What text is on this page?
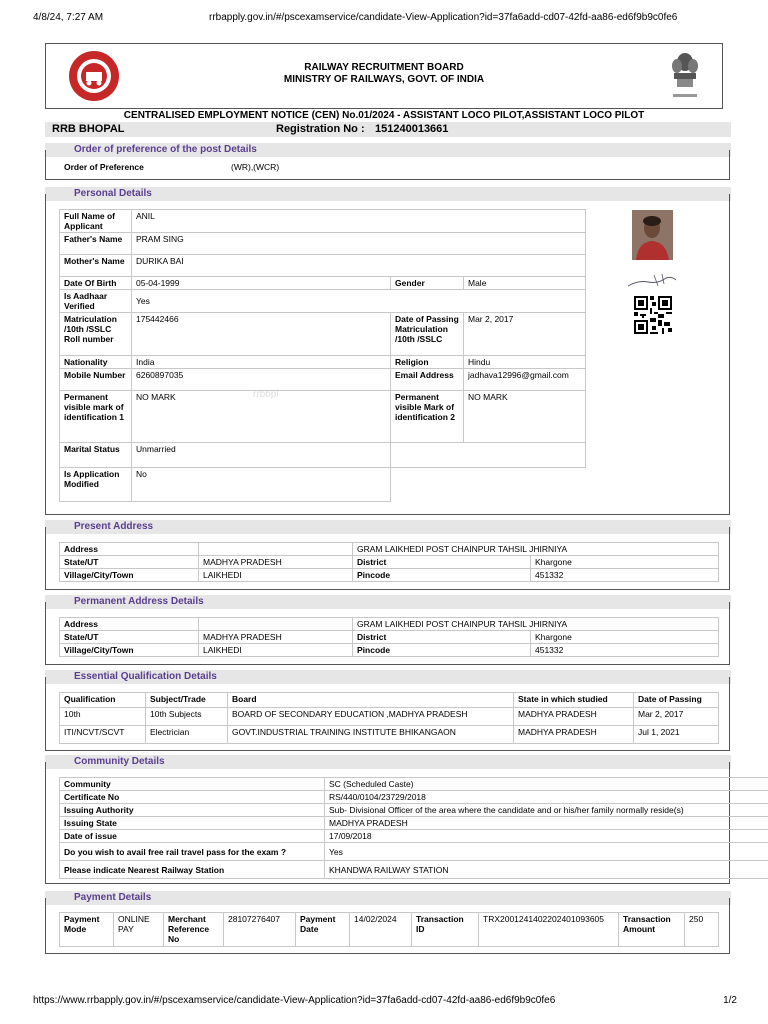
4/8/24, 7:27 AM	rrbapply.gov.in/#/pscexamservice/candidate-View-Application?id=37fa6add-cd07-42fd-aa86-ed6f9b9c0fe6
RAILWAY RECRUITMENT BOARD
MINISTRY OF RAILWAYS, GOVT. OF INDIA
CENTRALISED EMPLOYMENT NOTICE (CEN) No.01/2024 - ASSISTANT LOCO PILOT,ASSISTANT LOCO PILOT
RRB BHOPAL	Registration No : 151240013661
Order of preference of the post Details
Order of Preference	(WR),(WCR)
Personal Details
rrbbpl
Full Name of Applicant	ANIL		
Father's Name	PRAM SING		
Mother's Name	DURIKA BAI		
Date Of Birth	05-04-1999	Gender	Male
Is Aadhaar Verified	Yes		
Matriculation /10th /SSLC Roll number	175442466	Date of Passing Matriculation /10th /SSLC	Mar 2, 2017
Nationality	India	Religion	Hindu
Mobile Number	6260897035	Email Address	jadhava12996@gmail.com
Permanent visible mark of identification 1	NO MARK	Permanent visible Mark of identification 2	NO MARK
Marital Status	Unmarried		
Is Application Modified	No		
Present Address
Address		GRAM LAIKHEDI POST CHAINPUR TAHSIL JHIRNIYA	
State/UT	MADHYA PRADESH	District	Khargone
Village/City/Town	LAIKHEDI	Pincode	451332
Permanent Address Details
Address		GRAM LAIKHEDI POST CHAINPUR TAHSIL JHIRNIYA	
State/UT	MADHYA PRADESH	District	Khargone
Village/City/Town	LAIKHEDI	Pincode	451332
Essential Qualification Details
Qualification	Subject/Trade	Board	State in which studied	Date of Passing
10th	10th Subjects	BOARD OF SECONDARY EDUCATION ,MADHYA PRADESH	MADHYA PRADESH	Mar 2, 2017
ITI/NCVT/SCVT	Electrician	GOVT.INDUSTRIAL TRAINING INSTITUTE BHIKANGAON	MADHYA PRADESH	Jul 1, 2021
Community Details
Community	SC (Scheduled Caste)
Certificate No	RS/440/0104/23729/2018
Issuing Authority	Sub- Divisional Officer of the area where the candidate and or his/her family normally reside(s)
Issuing State	MADHYA PRADESH
Date of issue	17/09/2018
Do you wish to avail free rail travel pass for the exam ?	Yes
Please indicate Nearest Railway Station	KHANDWA RAILWAY STATION
Payment Details
Payment Mode	ONLINE PAY	Merchant Reference No	28107276407	Payment Date	14/02/2024	Transaction ID	TRX2001241402202401093605	Transaction Amount	250
https://www.rrbapply.gov.in/#/pscexamservice/candidate-View-Application?id=37fa6add-cd07-42fd-aa86-ed6f9b9c0fe6	1/2
